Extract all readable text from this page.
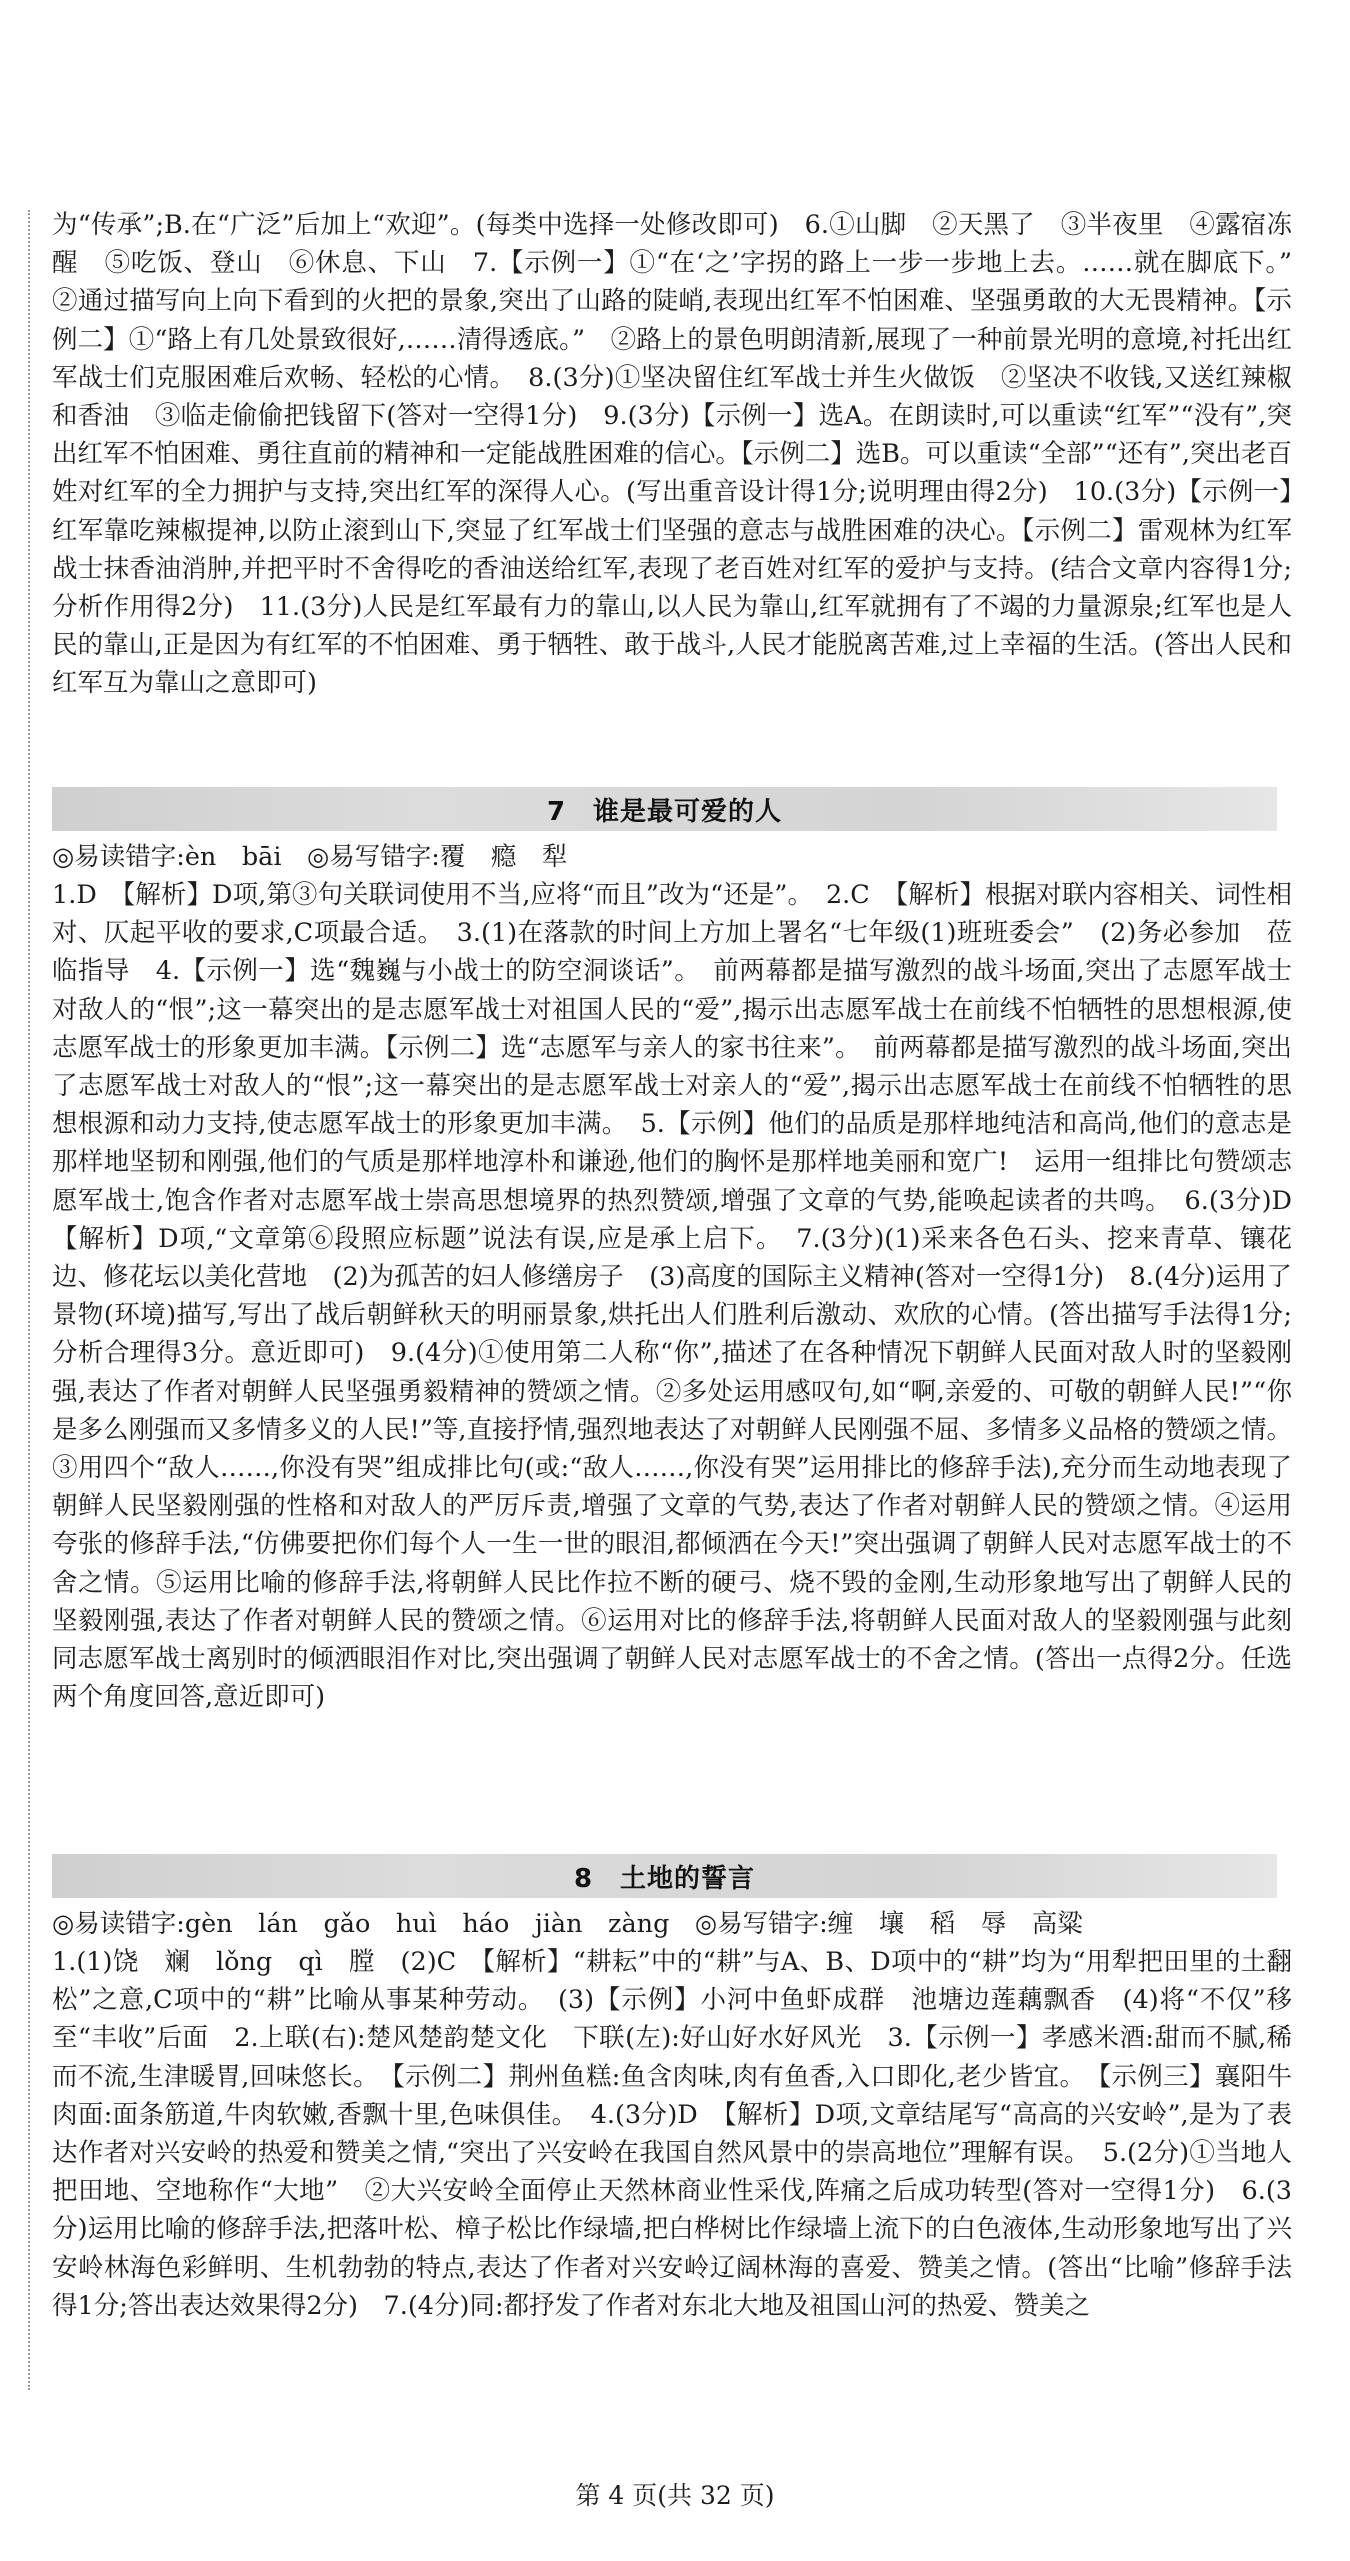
为“传承”;B.在“广泛”后加上“欢迎”。(每类中选择一处修改即可)　6.①山脚　②天黑了　③半夜里　④露宿冻醒　⑤吃饭、登山　⑥休息、下山　7.【示例一】①“在‘之’字拐的路上一步一步地上去。……就在脚底下。”　②通过描写向上向下看到的火把的景象,突出了山路的陡峭,表现出红军不怕困难、坚强勇敢的大无畏精神。【示例二】①“路上有几处景致很好,……清得透底。”　②路上的景色明朗清新,展现了一种前景光明的意境,衬托出红军战士们克服困难后欢畅、轻松的心情。　8.(3分)①坚决留住红军战士并生火做饭　②坚决不收钱,又送红辣椒和香油　③临走偷偷把钱留下(答对一空得1分)　9.(3分)【示例一】选A。在朗读时,可以重读“红军”“没有”,突出红军不怕困难、勇往直前的精神和一定能战胜困难的信心。【示例二】选B。可以重读“全部”“还有”,突出老百姓对红军的全力拥护与支持,突出红军的深得人心。(写出重音设计得1分;说明理由得2分)　10.(3分)【示例一】红军靠吃辣椒提神,以防止滚到山下,突显了红军战士们坚强的意志与战胜困难的决心。【示例二】雷观林为红军战士抹香油消肿,并把平时不舍得吃的香油送给红军,表现了老百姓对红军的爱护与支持。(结合文章内容得1分;分析作用得2分)　11.(3分)人民是红军最有力的靠山,以人民为靠山,红军就拥有了不竭的力量源泉;红军也是人民的靠山,正是因为有红军的不怕困难、勇于牺牲、敢于战斗,人民才能脱离苦难,过上幸福的生活。(答出人民和红军互为靠山之意即可)

7　谁是最可爱的人

◎易读错字:èn　bāi　◎易写错字:覆　瘾　犁

1.D　【解析】D项,第③句关联词使用不当,应将“而且”改为“还是”。　2.C　【解析】根据对联内容相关、词性相对、仄起平收的要求,C项最合适。　3.(1)在落款的时间上方加上署名“七年级(1)班班委会”　(2)务必参加　莅临指导　4.【示例一】选“魏巍与小战士的防空洞谈话”。　前两幕都是描写激烈的战斗场面,突出了志愿军战士对敌人的“恨”;这一幕突出的是志愿军战士对祖国人民的“爱”,揭示出志愿军战士在前线不怕牺牲的思想根源,使志愿军战士的形象更加丰满。【示例二】选“志愿军与亲人的家书往来”。　前两幕都是描写激烈的战斗场面,突出了志愿军战士对敌人的“恨”;这一幕突出的是志愿军战士对亲人的“爱”,揭示出志愿军战士在前线不怕牺牲的思想根源和动力支持,使志愿军战士的形象更加丰满。　5.【示例】他们的品质是那样地纯洁和高尚,他们的意志是那样地坚韧和刚强,他们的气质是那样地淳朴和谦逊,他们的胸怀是那样地美丽和宽广!　运用一组排比句赞颂志愿军战士,饱含作者对志愿军战士崇高思想境界的热烈赞颂,增强了文章的气势,能唤起读者的共鸣。　6.(3分)D　【解析】D项,“文章第⑥段照应标题”说法有误,应是承上启下。　7.(3分)(1)采来各色石头、挖来青草、镶花边、修花坛以美化营地　(2)为孤苦的妇人修缮房子　(3)高度的国际主义精神(答对一空得1分)　8.(4分)运用了景物(环境)描写,写出了战后朝鲜秋天的明丽景象,烘托出人们胜利后激动、欢欣的心情。(答出描写手法得1分;分析合理得3分。意近即可)　9.(4分)①使用第二人称“你”,描述了在各种情况下朝鲜人民面对敌人时的坚毅刚强,表达了作者对朝鲜人民坚强勇毅精神的赞颂之情。②多处运用感叹句,如“啊,亲爱的、可敬的朝鲜人民!”“你是多么刚强而又多情多义的人民!”等,直接抒情,强烈地表达了对朝鲜人民刚强不屈、多情多义品格的赞颂之情。③用四个“敌人……,你没有哭”组成排比句(或:“敌人……,你没有哭”运用排比的修辞手法),充分而生动地表现了朝鲜人民坚毅刚强的性格和对敌人的严厉斥责,增强了文章的气势,表达了作者对朝鲜人民的赞颂之情。④运用夸张的修辞手法,“仿佛要把你们每个人一生一世的眼泪,都倾洒在今天!”突出强调了朝鲜人民对志愿军战士的不舍之情。⑤运用比喻的修辞手法,将朝鲜人民比作拉不断的硬弓、烧不毁的金刚,生动形象地写出了朝鲜人民的坚毅刚强,表达了作者对朝鲜人民的赞颂之情。⑥运用对比的修辞手法,将朝鲜人民面对敌人的坚毅刚强与此刻同志愿军战士离别时的倾洒眼泪作对比,突出强调了朝鲜人民对志愿军战士的不舍之情。(答出一点得2分。任选两个角度回答,意近即可)

8　土地的誓言

◎易读错字:gèn　lán　gǎo　huì　háo　jiàn　zàng　◎易写错字:缠　壤　稻　辱　高粱

1.(1)饶　斓　lǒng　qì　膛　(2)C　【解析】“耕耘”中的“耕”与A、B、D项中的“耕”均为“用犁把田里的土翻松”之意,C项中的“耕”比喻从事某种劳动。　(3)【示例】小河中鱼虾成群　池塘边莲藕飘香　(4)将“不仅”移至“丰收”后面　2.上联(右):楚风楚韵楚文化　下联(左):好山好水好风光　3.【示例一】孝感米酒:甜而不腻,稀而不流,生津暖胃,回味悠长。　【示例二】荆州鱼糕:鱼含肉味,肉有鱼香,入口即化,老少皆宜。　【示例三】襄阳牛肉面:面条筋道,牛肉软嫩,香飘十里,色味俱佳。　4.(3分)D　【解析】D项,文章结尾写“高高的兴安岭”,是为了表达作者对兴安岭的热爱和赞美之情,“突出了兴安岭在我国自然风景中的崇高地位”理解有误。　5.(2分)①当地人把田地、空地称作“大地”　②大兴安岭全面停止天然林商业性采伐,阵痛之后成功转型(答对一空得1分)　6.(3分)运用比喻的修辞手法,把落叶松、樟子松比作绿墙,把白桦树比作绿墙上流下的白色液体,生动形象地写出了兴安岭林海色彩鲜明、生机勃勃的特点,表达了作者对兴安岭辽阔林海的喜爱、赞美之情。(答出“比喻”修辞手法得1分;答出表达效果得2分)　7.(4分)同:都抒发了作者对东北大地及祖国山河的热爱、赞美之

第 4 页(共 32 页)
